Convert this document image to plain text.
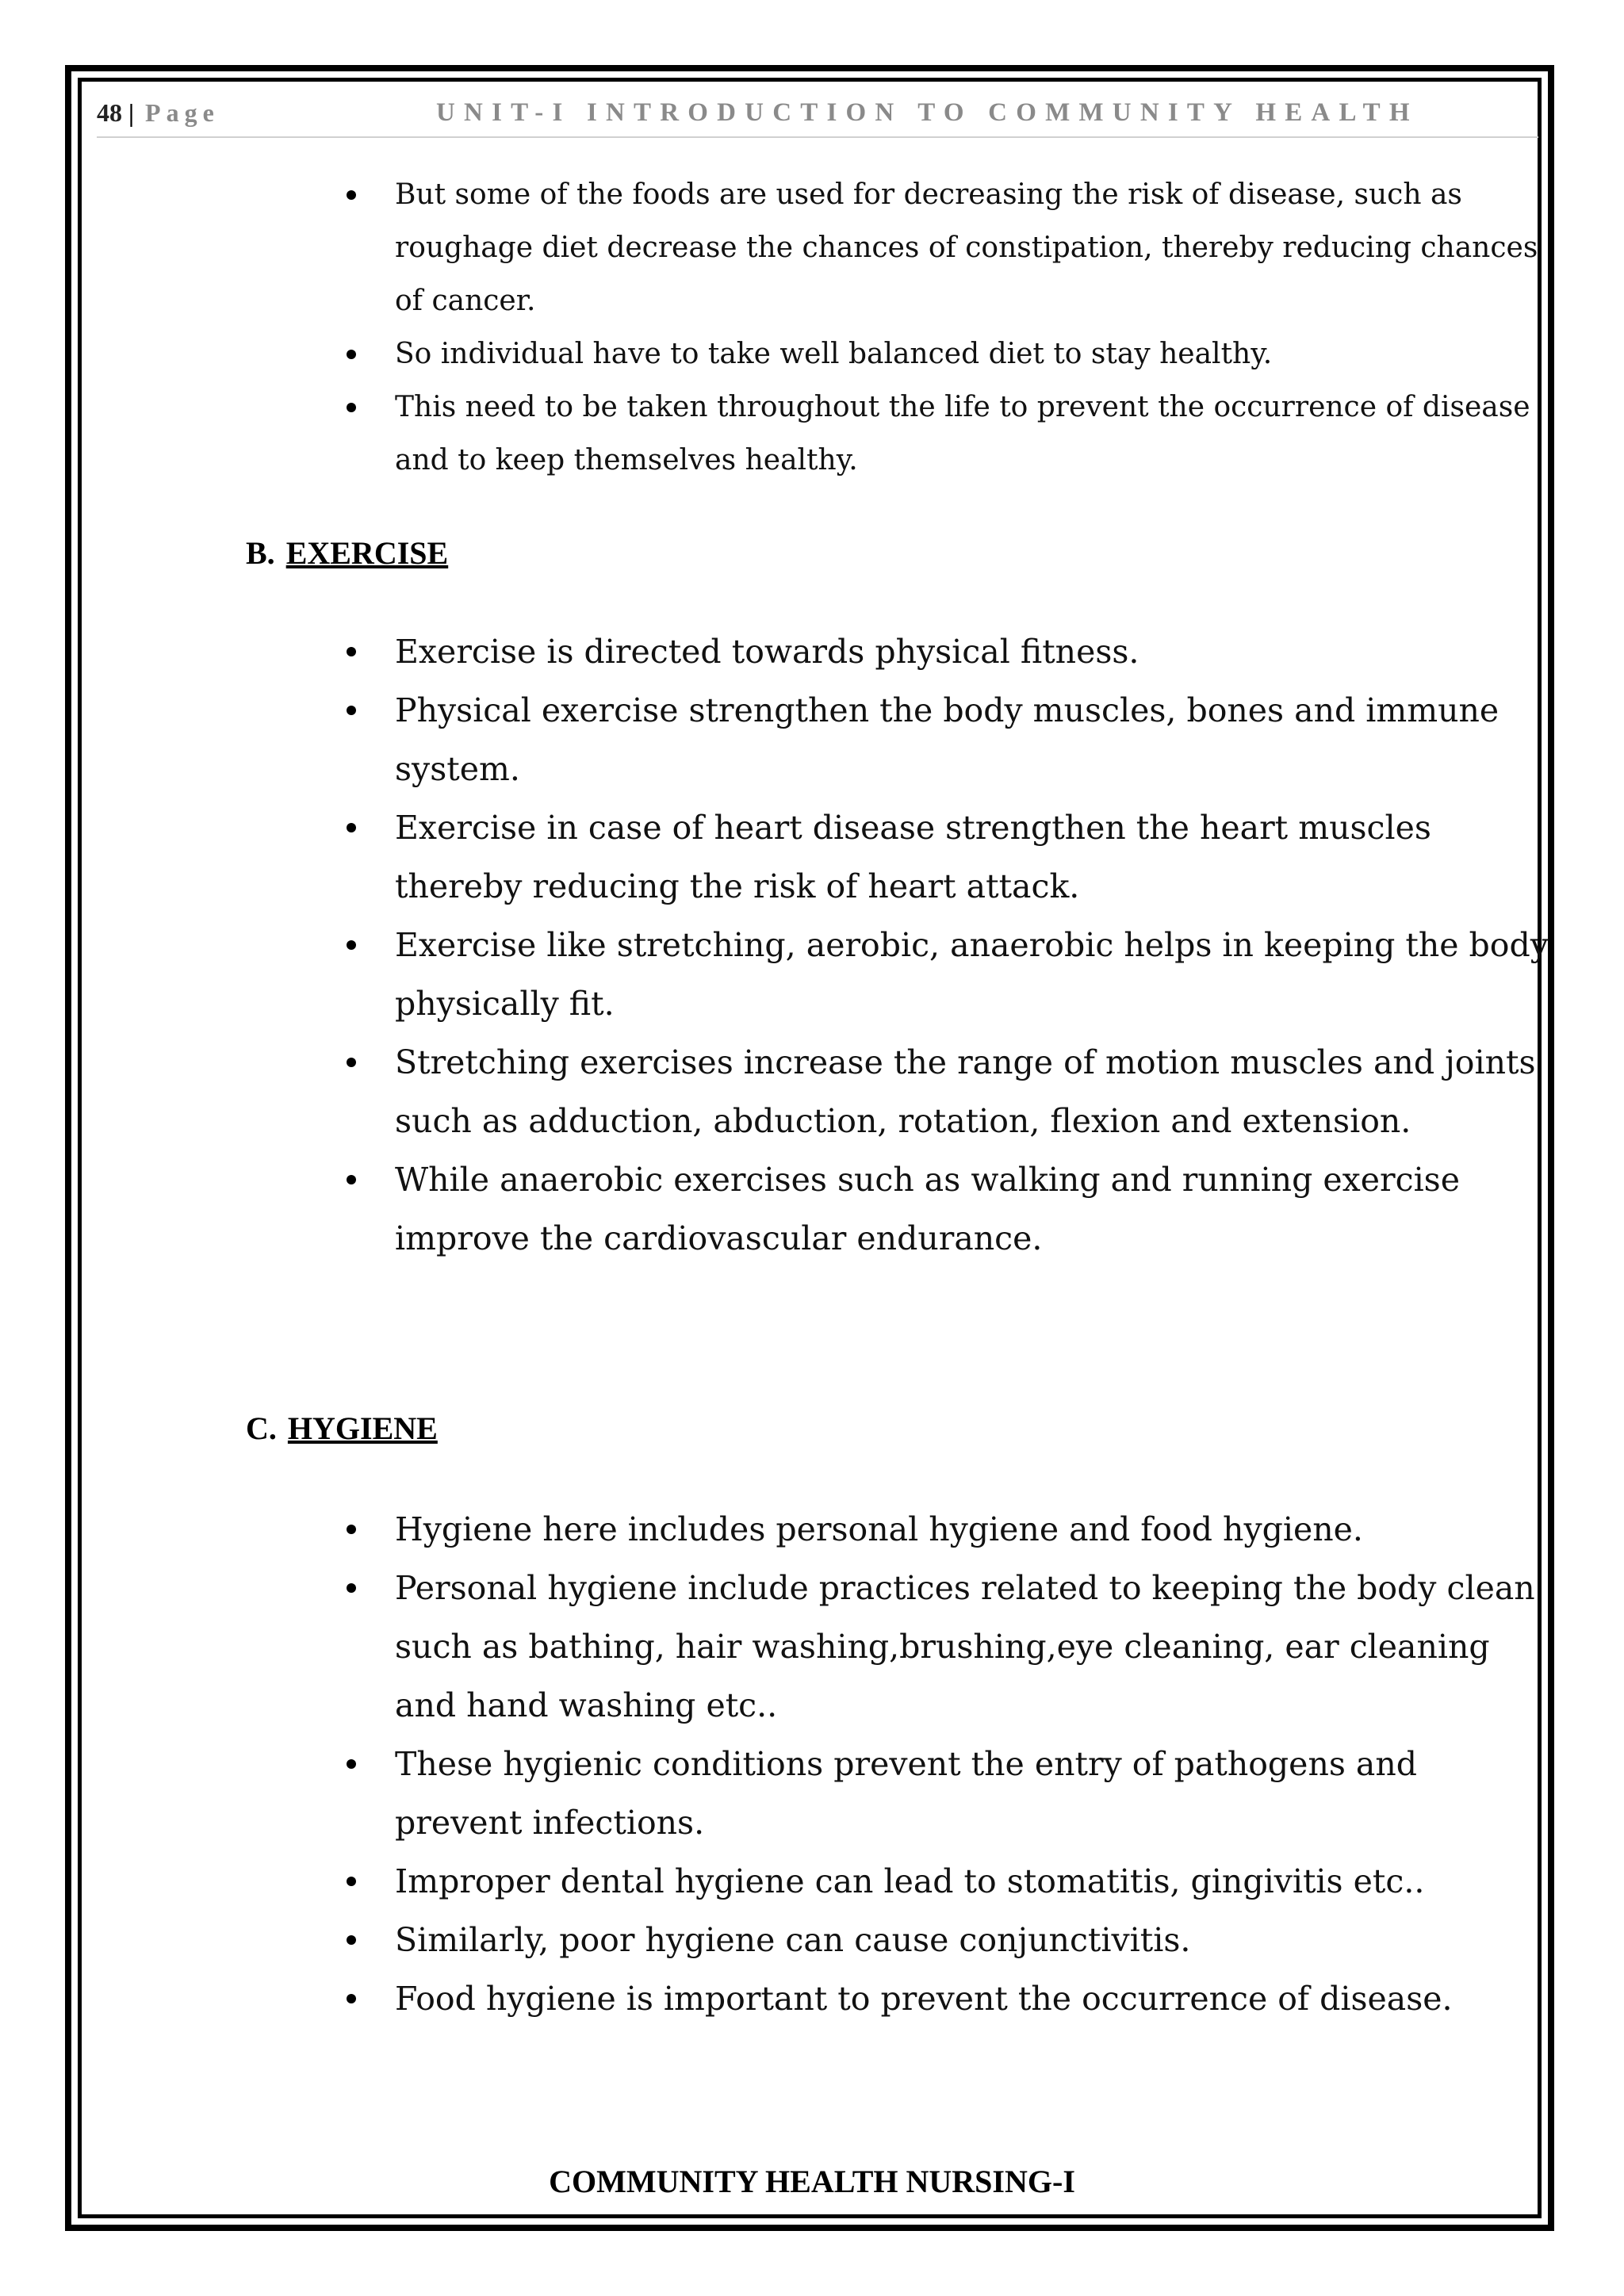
48 | Page	UNIT-I INTRODUCTION TO COMMUNITY HEALTH
But some of the foods are used for decreasing the risk of disease, such as roughage diet decrease the chances of constipation, thereby reducing chances of cancer.
So individual have to take well balanced diet to stay healthy.
This need to be taken throughout the life to prevent the occurrence of disease and to keep themselves healthy.
B. EXERCISE
Exercise is directed towards physical fitness.
Physical exercise strengthen the body muscles, bones and immune system.
Exercise in case of heart disease strengthen the heart muscles thereby reducing the risk of heart attack.
Exercise like stretching, aerobic, anaerobic helps in keeping the body physically fit.
Stretching exercises increase the range of motion muscles and joints such as adduction, abduction, rotation, flexion and extension.
While anaerobic exercises such as walking and running exercise improve the cardiovascular endurance.
C. HYGIENE
Hygiene here includes personal hygiene and food hygiene.
Personal hygiene include practices related to keeping the body clean such as bathing, hair washing,brushing,eye cleaning, ear cleaning and hand washing etc..
These hygienic conditions prevent the entry of pathogens and prevent infections.
Improper dental hygiene can lead to stomatitis, gingivitis etc..
Similarly, poor hygiene can cause conjunctivitis.
Food hygiene is important to prevent the occurrence of disease.
COMMUNITY HEALTH NURSING-I
